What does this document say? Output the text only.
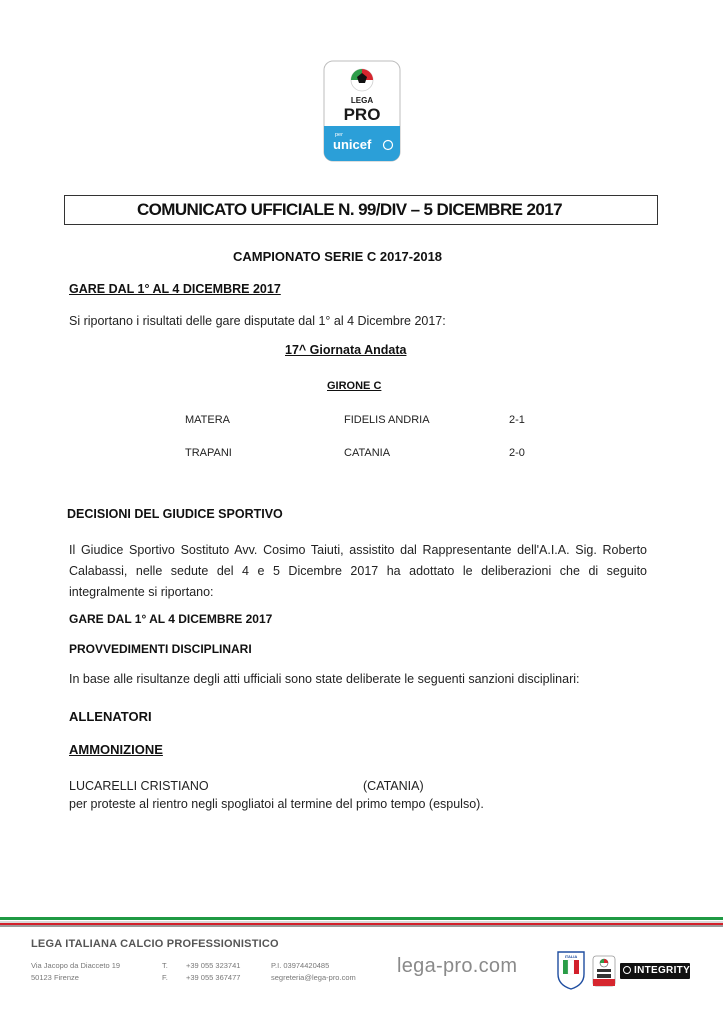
LEGA
PRO
per
unicef
COMUNICATO UFFICIALE N. 99/DIV – 5 DICEMBRE 2017
CAMPIONATO SERIE C 2017-2018
GARE DAL 1° AL 4 DICEMBRE 2017
Si riportano i risultati delle gare disputate dal 1° al 4 Dicembre 2017:
17^ Giornata Andata
GIRONE C
MATERA	FIDELIS ANDRIA	2-1
TRAPANI	CATANIA	2-0
DECISIONI DEL GIUDICE SPORTIVO
Il Giudice Sportivo Sostituto Avv. Cosimo Taiuti, assistito dal Rappresentante dell'A.I.A. Sig. Roberto Calabassi, nelle sedute del 4 e 5 Dicembre 2017 ha adottato le deliberazioni che di seguito integralmente si riportano:
GARE DAL 1° AL 4 DICEMBRE 2017
PROVVEDIMENTI DISCIPLINARI
In base alle risultanze degli atti ufficiali sono state deliberate le seguenti sanzioni disciplinari:
ALLENATORI
AMMONIZIONE
LUCARELLI CRISTIANO	(CATANIA)
per proteste al rientro negli spogliatoi al termine del primo tempo (espulso).
LEGA ITALIANA CALCIO PROFESSIONISTICO
Via Jacopo da Diacceto 19
50123 Firenze
T.
F.
+39 055 323741
+39 055 367477
P.I. 03974420485
segreteria@lega-pro.com
lega-pro.com	ITALIA
INTEGRITY
